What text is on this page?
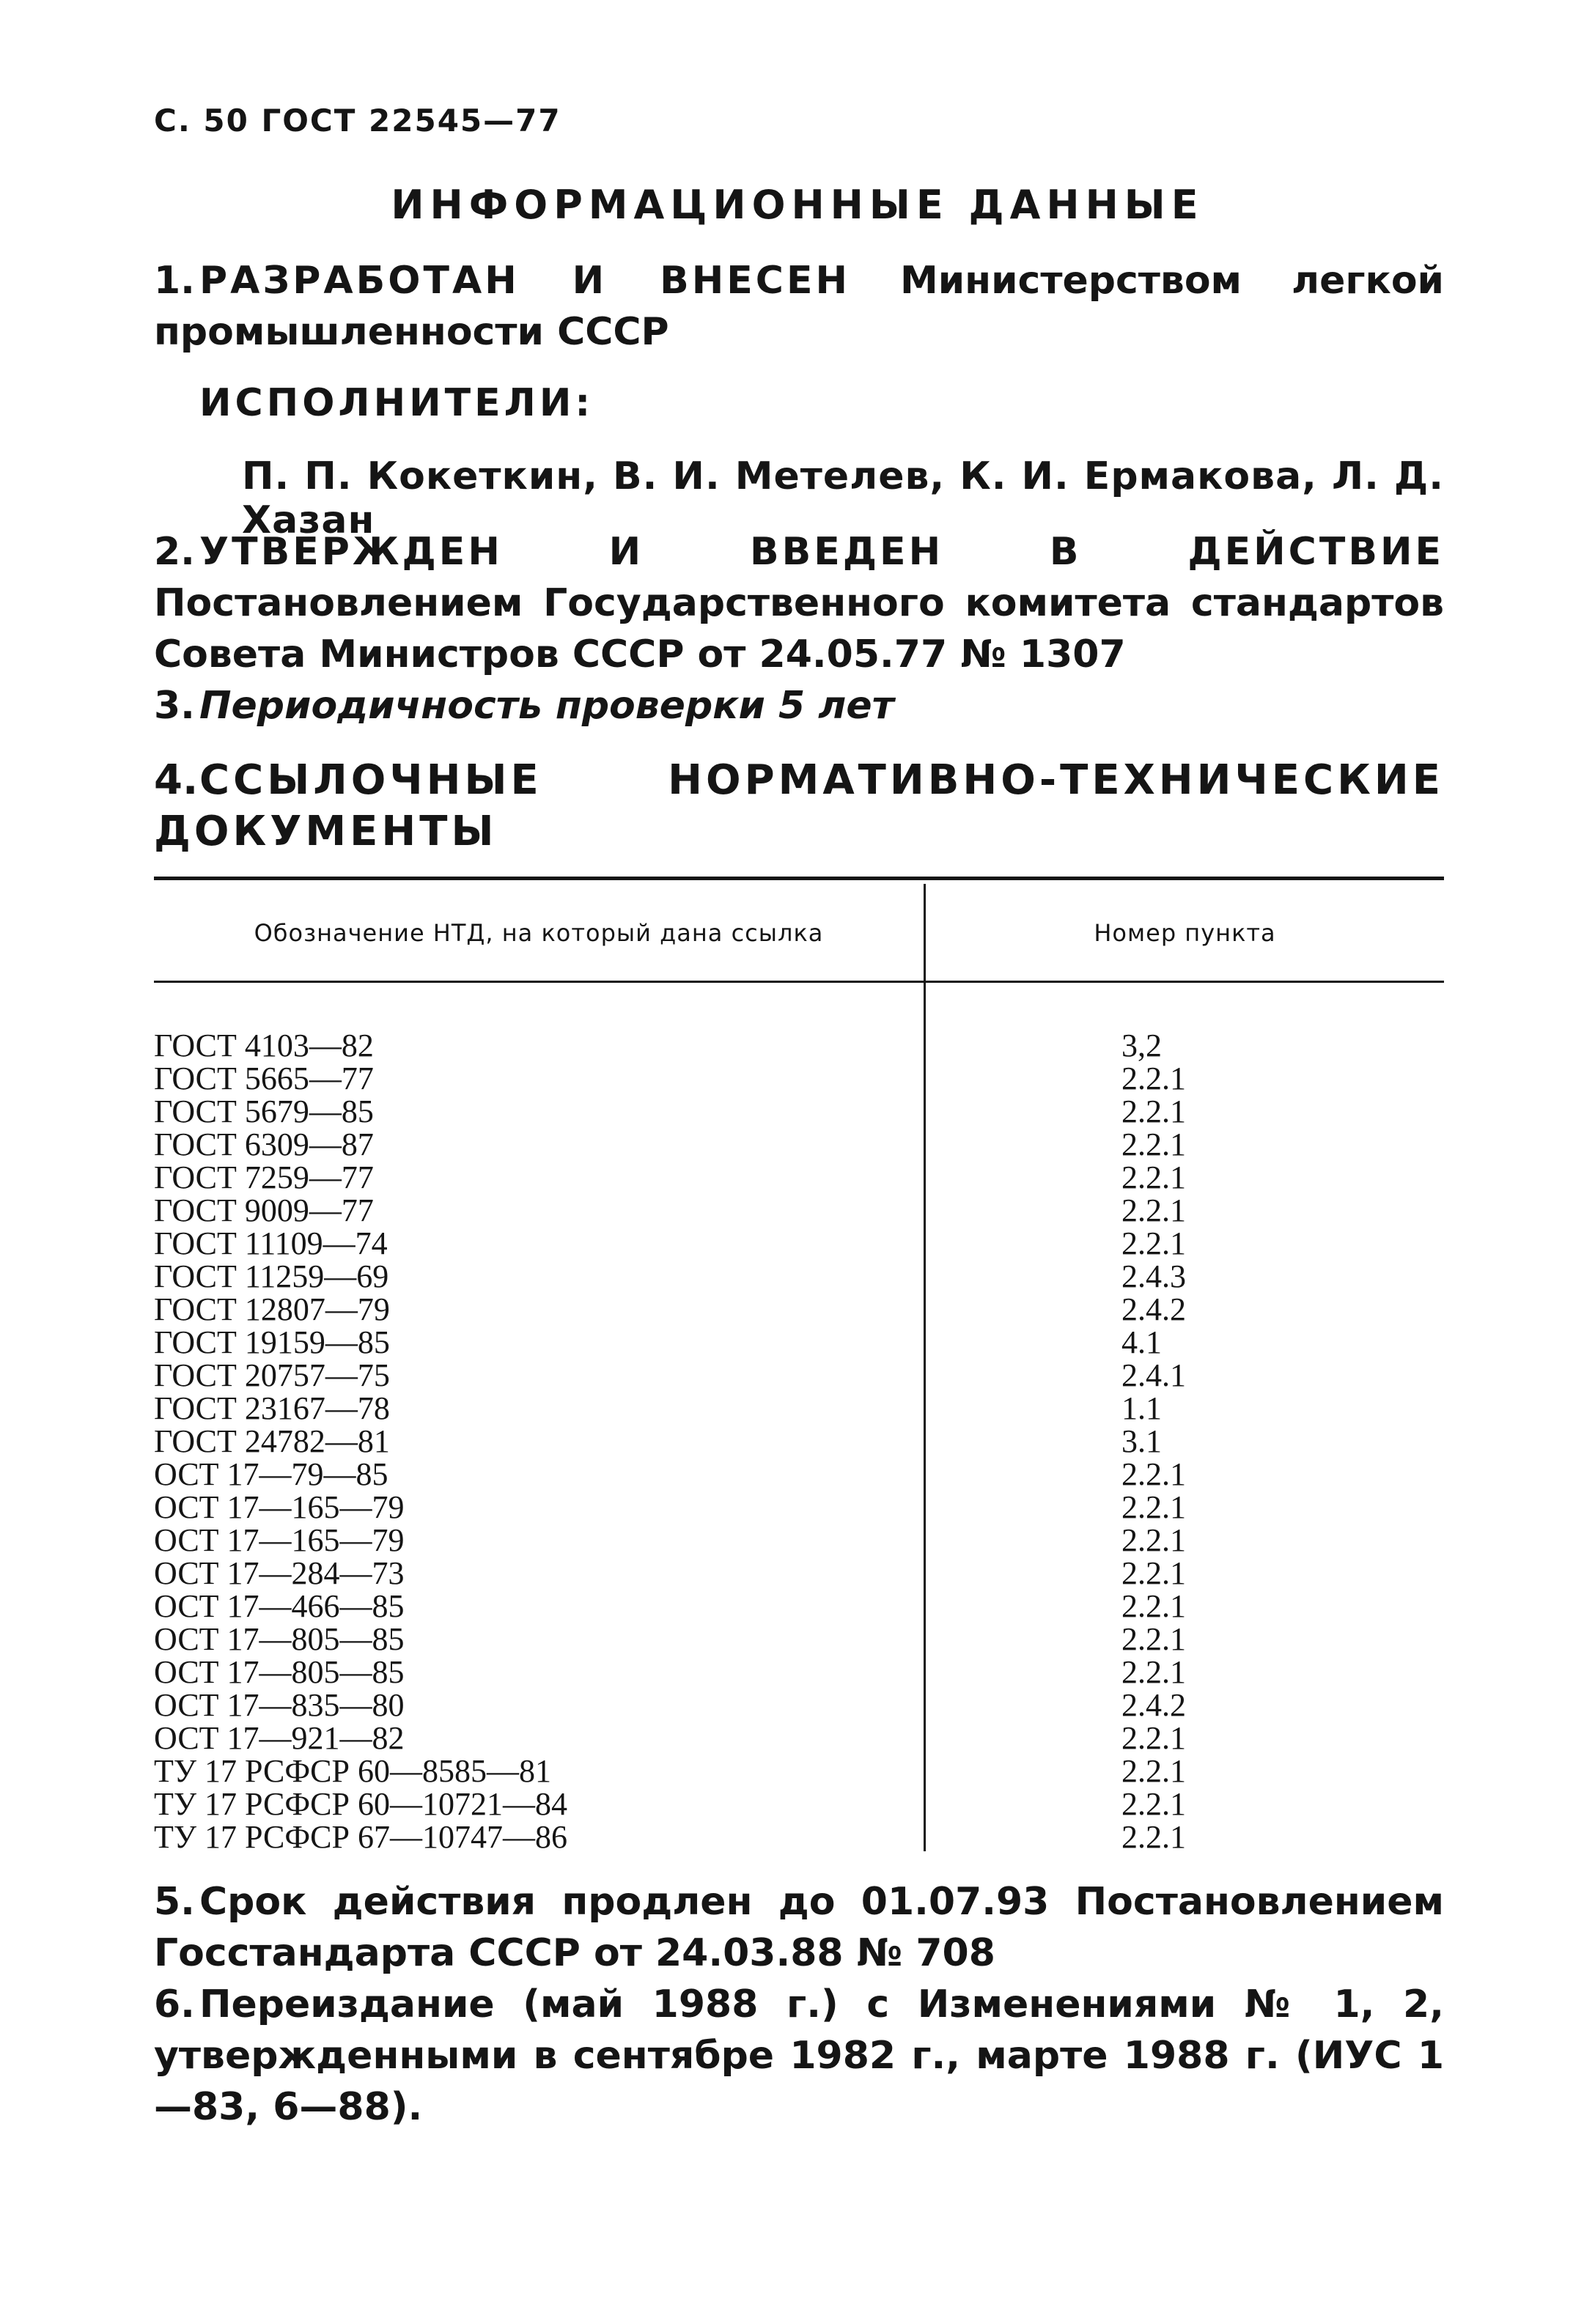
С. 50 ГОСТ 22545—77
ИНФОРМАЦИОННЫЕ ДАННЫЕ
1. РАЗРАБОТАН И ВНЕСЕН Министерством легкой промышленности СССР
ИСПОЛНИТЕЛИ:
П. П. Кокеткин, В. И. Метелев, К. И. Ермакова, Л. Д. Хазан
2. УТВЕРЖДЕН И ВВЕДЕН В ДЕЙСТВИЕ Постановлением Государственного комитета стандартов Совета Министров СССР от 24.05.77 № 1307
3. Периодичность проверки 5 лет
4.ССЫЛОЧНЫЕ НОРМАТИВНО-ТЕХНИЧЕСКИЕ ДОКУМЕНТЫ
Обозначение НТД, на который дана ссылка	Номер пункта
ГОСТ 4103—82	3,2
ГОСТ 5665—77	2.2.1
ГОСТ 5679—85	2.2.1
ГОСТ 6309—87	2.2.1
ГОСТ 7259—77	2.2.1
ГОСТ 9009—77	2.2.1
ГОСТ 11109—74	2.2.1
ГОСТ 11259—69	2.4.3
ГОСТ 12807—79	2.4.2
ГОСТ 19159—85	4.1
ГОСТ 20757—75	2.4.1
ГОСТ 23167—78	1.1
ГОСТ 24782—81	3.1
ОСТ 17—79—85	2.2.1
ОСТ 17—165—79	2.2.1
ОСТ 17—165—79	2.2.1
ОСТ 17—284—73	2.2.1
ОСТ 17—466—85	2.2.1
ОСТ 17—805—85	2.2.1
ОСТ 17—805—85	2.2.1
ОСТ 17—835—80	2.4.2
ОСТ 17—921—82	2.2.1
ТУ 17 РСФСР 60—8585—81	2.2.1
ТУ 17 РСФСР 60—10721—84	2.2.1
ТУ 17 РСФСР 67—10747—86	2.2.1
5. Срок действия продлен до 01.07.93 Постановлением Госстандарта СССР от 24.03.88 № 708
6. Переиздание (май 1988 г.) с Изменениями № 1, 2, утвержденными в сентябре 1982 г., марте 1988 г. (ИУС 1—83, 6—88).
